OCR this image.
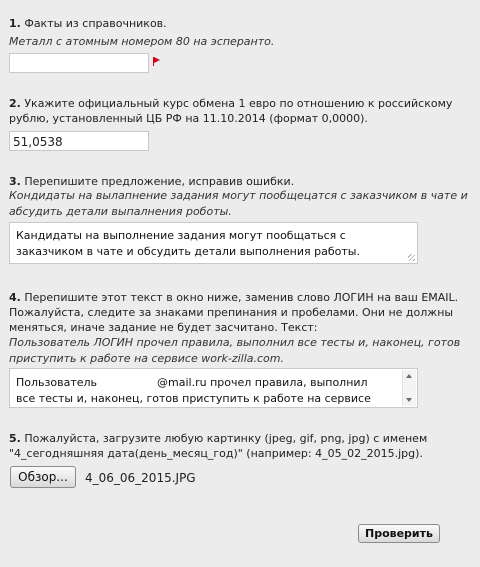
1. Факты из справочников.
Металл с атомным номером 80 на эсперанто.
2. Укажите официальный курс обмена 1 евро по отношению к российскому рублю, установленный ЦБ РФ на 11.10.2014 (формат 0,0000).
51,0538
3. Перепишите предложение, исправив ошибки.
Кондидаты на вылапнение задания могут пообщeцатся с заказчиком в чате и абсудить детали выпалнения роботы.
Кандидаты на выполнение задания могут пообщаться с заказчиком в чате и обсудить детали выполнения работы.
4. Перепишите этот текст в окно ниже, заменив слово ЛОГИН на ваш EMAIL. Пожалуйста, следите за знаками препинания и пробелами. Они не должны меняться, иначе задание не будет засчитано. Текст:
Пользователь ЛОГИН прочел правила, выполнил все тесты и, наконец, готов приступить к работе на сервисе work-zilla.com.
Пользователь	@mail.ru прочел правила, выполнил
все тесты и, наконец, готов приступить к работе на сервисе
5. Пожалуйста, загрузите любую картинку (jpeg, gif, png, jpg) с именем "4_сегодняшняя дата(день_месяц_год)" (например: 4_05_02_2015.jpg).
Обзор...	4_06_06_2015.JPG
Проверить
